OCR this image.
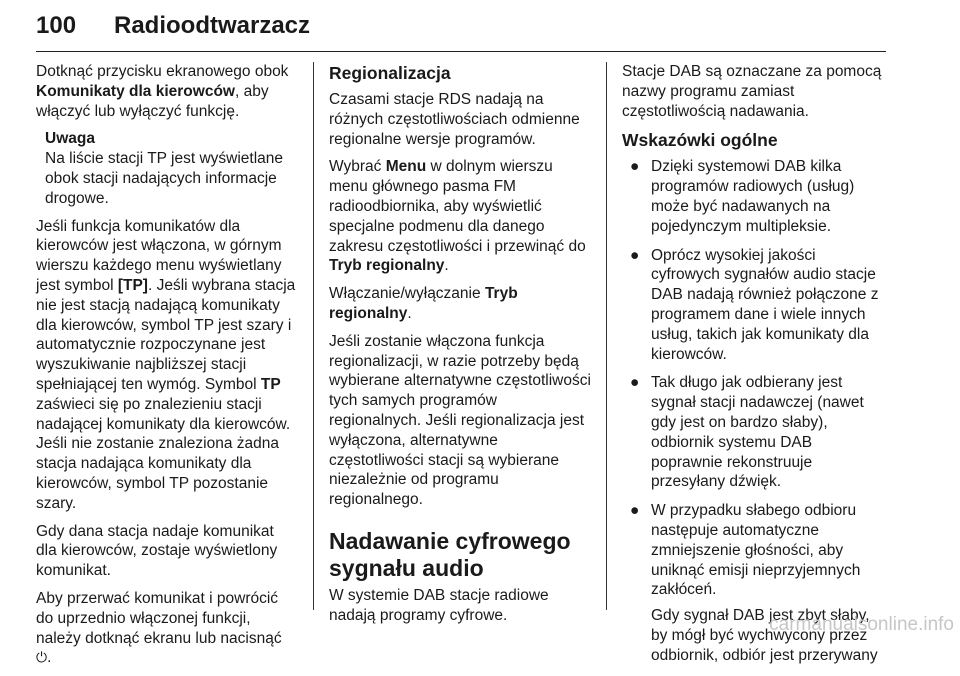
100 Radioodtwarzacz

Dotknąć przycisku ekranowego obok Komunikaty dla kierowców, aby włączyć lub wyłączyć funkcję.

Uwaga
Na liście stacji TP jest wyświetlane obok stacji nadających informacje drogowe.

Jeśli funkcja komunikatów dla kierowców jest włączona, w górnym wierszu każdego menu wyświetlany jest symbol [TP]. Jeśli wybrana stacja nie jest stacją nadającą komunikaty dla kierowców, symbol TP jest szary i automatycznie rozpoczynane jest wyszukiwanie najbliższej stacji spełniającej ten wymóg. Symbol TP zaświeci się po znalezieniu stacji nadającej komunikaty dla kierowców. Jeśli nie zostanie znaleziona żadna stacja nadająca komunikaty dla kierowców, symbol TP pozostanie szary.

Gdy dana stacja nadaje komunikat dla kierowców, zostaje wyświetlony komunikat.

Aby przerwać komunikat i powrócić do uprzednio włączonej funkcji, należy dotknąć ekranu lub nacisnąć ⏻.

Regionalizacja

Czasami stacje RDS nadają na różnych częstotliwościach odmienne regionalne wersje programów.

Wybrać Menu w dolnym wierszu menu głównego pasma FM radioodbiornika, aby wyświetlić specjalne podmenu dla danego zakresu częstotliwości i przewinąć do Tryb regionalny.

Włączanie/wyłączanie Tryb regionalny.

Jeśli zostanie włączona funkcja regionalizacji, w razie potrzeby będą wybierane alternatywne częstotliwości tych samych programów regionalnych. Jeśli regionalizacja jest wyłączona, alternatywne częstotliwości stacji są wybierane niezależnie od programu regionalnego.

Nadawanie cyfrowego sygnału audio

W systemie DAB stacje radiowe nadają programy cyfrowe.

Stacje DAB są oznaczane za pomocą nazwy programu zamiast częstotliwością nadawania.

Wskazówki ogólne
● Dzięki systemowi DAB kilka programów radiowych (usług) może być nadawanych na pojedynczym multipleksie.
● Oprócz wysokiej jakości cyfrowych sygnałów audio stacje DAB nadają również połączone z programem dane i wiele innych usług, takich jak komunikaty dla kierowców.
● Tak długo jak odbierany jest sygnał stacji nadawczej (nawet gdy jest on bardzo słaby), odbiornik systemu DAB poprawnie rekonstruuje przesyłany dźwięk.
● W przypadku słabego odbioru następuje automatyczne zmniejszenie głośności, aby uniknąć emisji nieprzyjemnych zakłóceń.

Gdy sygnał DAB jest zbyt słaby, by mógł być wychwycony przez odbiornik, odbiór jest przerywany

carmanualsonline.info
